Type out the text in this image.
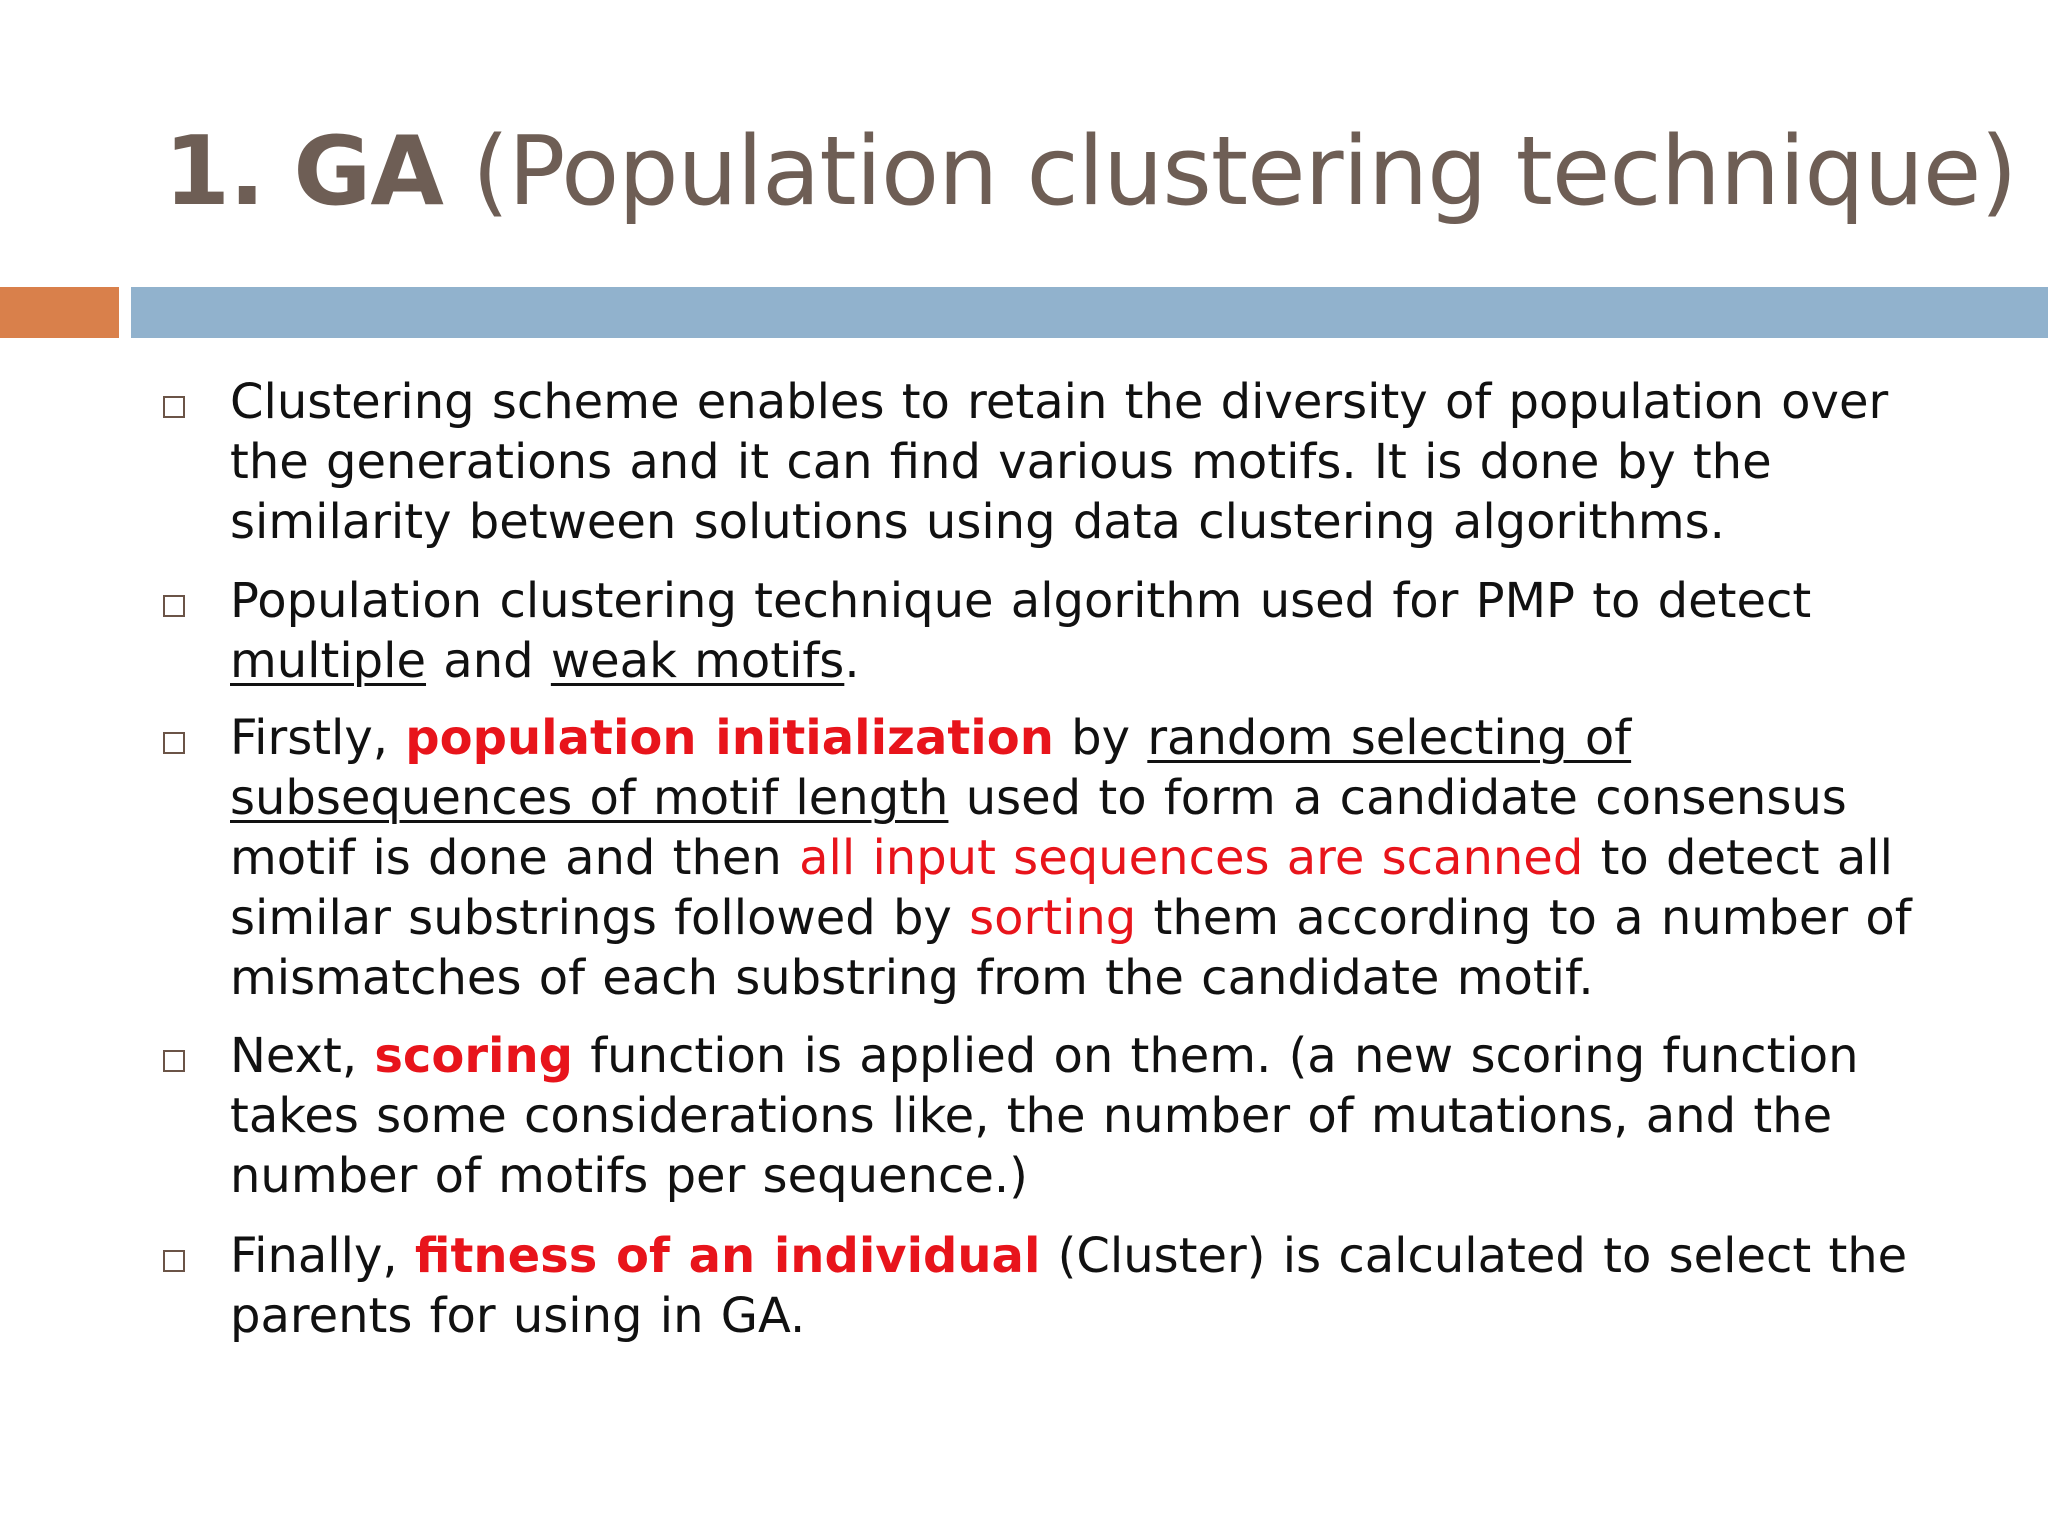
1. GA (Population clustering technique)

Clustering scheme enables to retain the diversity of population over
the generations and it can find various motifs. It is done by the
similarity between solutions using data clustering algorithms.

Population clustering technique algorithm used for PMP to detect
multiple and weak motifs.

Firstly, population initialization by random selecting of
subsequences of motif length used to form a candidate consensus
motif is done and then all input sequences are scanned to detect all
similar substrings followed by sorting them according to a number of
mismatches of each substring from the candidate motif.

Next, scoring function is applied on them. (a new scoring function
takes some considerations like, the number of mutations, and the
number of motifs per sequence.)

Finally, fitness of an individual (Cluster) is calculated to select the
parents for using in GA.
